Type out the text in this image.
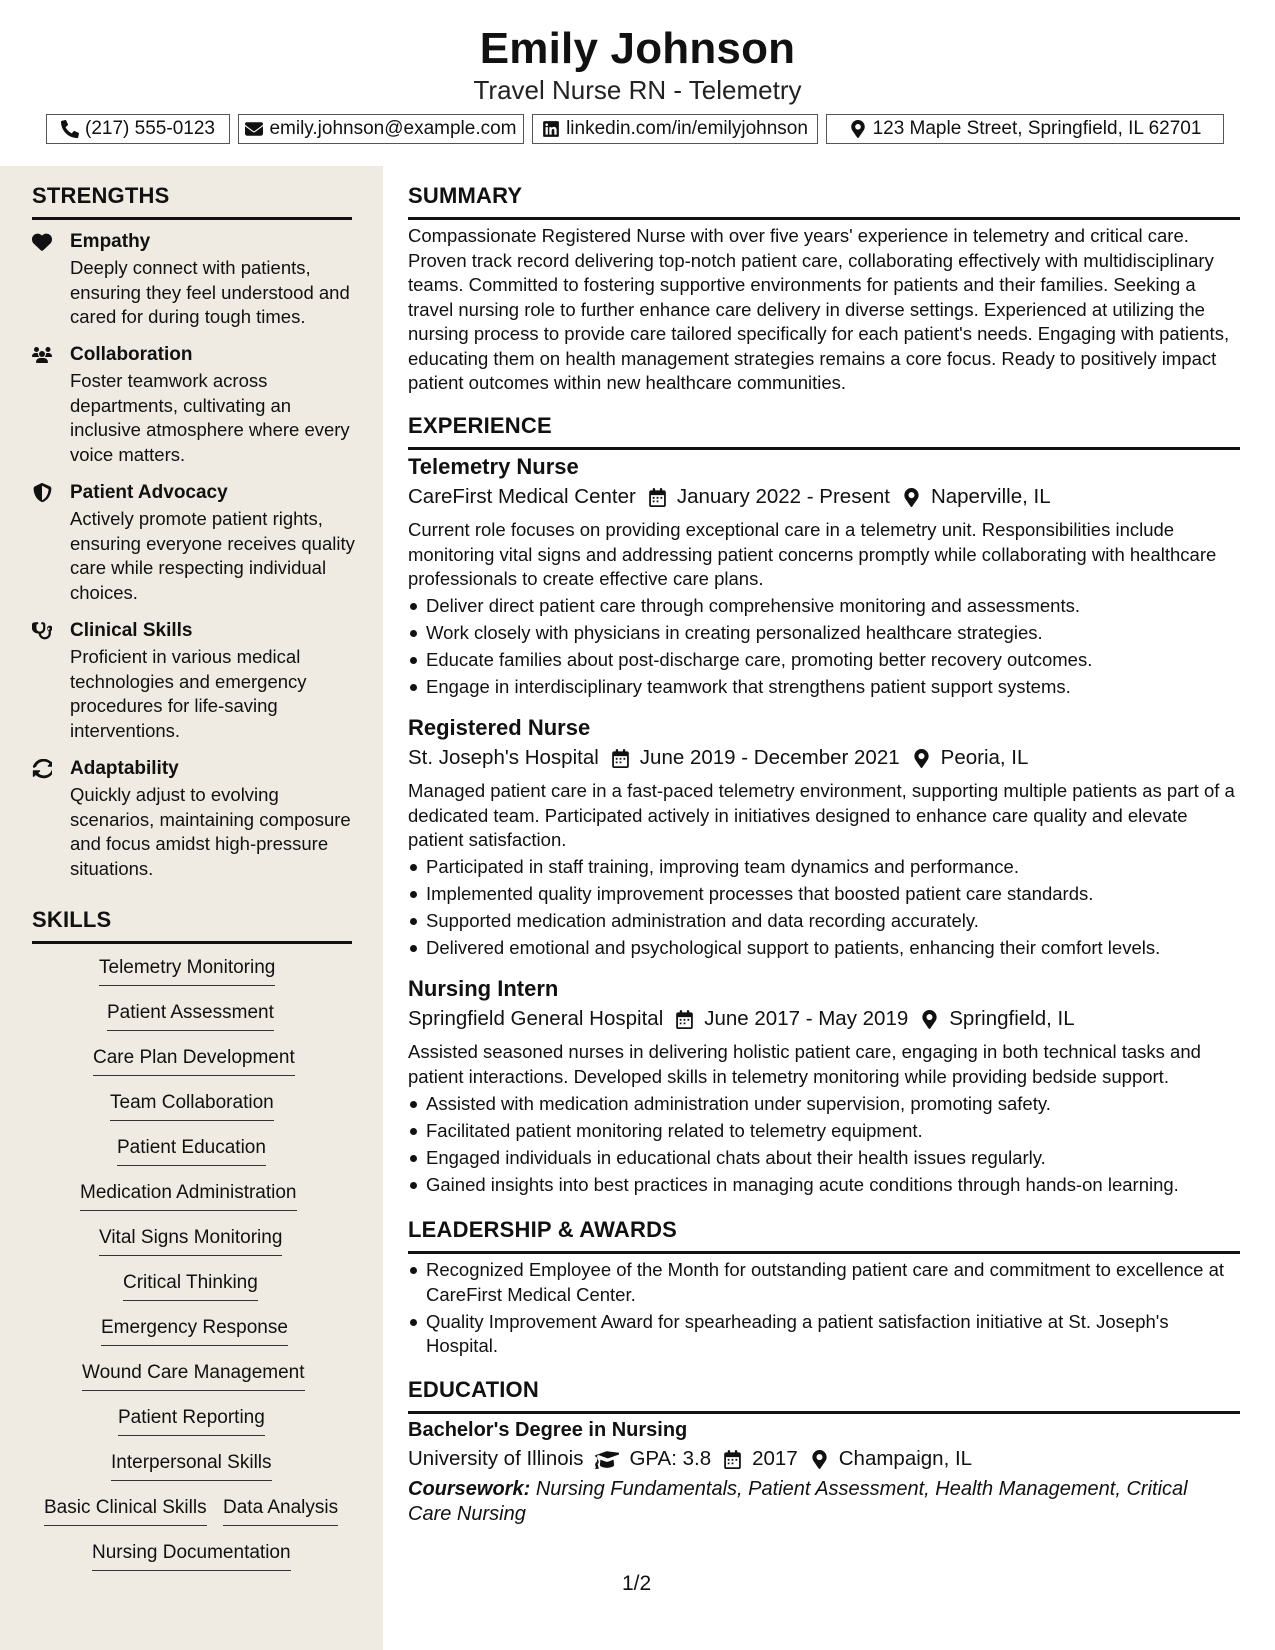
Emily Johnson
Travel Nurse RN - Telemetry
(217) 555-0123	emily.johnson@example.com	linkedin.com/in/emilyjohnson	123 Maple Street, Springfield, IL 62701
STRENGTHS
Empathy
Deeply connect with patients, ensuring they feel understood and cared for during tough times.
Collaboration
Foster teamwork across departments, cultivating an inclusive atmosphere where every voice matters.
Patient Advocacy
Actively promote patient rights, ensuring everyone receives quality care while respecting individual choices.
Clinical Skills
Proficient in various medical technologies and emergency procedures for life-saving interventions.
Adaptability
Quickly adjust to evolving scenarios, maintaining composure and focus amidst high-pressure situations.
SKILLS
Telemetry Monitoring
Patient Assessment
Care Plan Development
Team Collaboration
Patient Education
Medication Administration
Vital Signs Monitoring
Critical Thinking
Emergency Response
Wound Care Management
Patient Reporting
Interpersonal Skills
Basic Clinical Skills Data Analysis
Nursing Documentation
SUMMARY
Compassionate Registered Nurse with over five years' experience in telemetry and critical care. Proven track record delivering top-notch patient care, collaborating effectively with multidisciplinary teams. Committed to fostering supportive environments for patients and their families. Seeking a travel nursing role to further enhance care delivery in diverse settings. Experienced at utilizing the nursing process to provide care tailored specifically for each patient's needs. Engaging with patients, educating them on health management strategies remains a core focus. Ready to positively impact patient outcomes within new healthcare communities.
EXPERIENCE
Telemetry Nurse
CareFirst Medical Center January 2022 - Present Naperville, IL
Current role focuses on providing exceptional care in a telemetry unit. Responsibilities include monitoring vital signs and addressing patient concerns promptly while collaborating with healthcare professionals to create effective care plans.
Deliver direct patient care through comprehensive monitoring and assessments.
Work closely with physicians in creating personalized healthcare strategies.
Educate families about post-discharge care, promoting better recovery outcomes.
Engage in interdisciplinary teamwork that strengthens patient support systems.
Registered Nurse
St. Joseph's Hospital June 2019 - December 2021 Peoria, IL
Managed patient care in a fast-paced telemetry environment, supporting multiple patients as part of a dedicated team. Participated actively in initiatives designed to enhance care quality and elevate patient satisfaction.
Participated in staff training, improving team dynamics and performance.
Implemented quality improvement processes that boosted patient care standards.
Supported medication administration and data recording accurately.
Delivered emotional and psychological support to patients, enhancing their comfort levels.
Nursing Intern
Springfield General Hospital June 2017 - May 2019 Springfield, IL
Assisted seasoned nurses in delivering holistic patient care, engaging in both technical tasks and patient interactions. Developed skills in telemetry monitoring while providing bedside support.
Assisted with medication administration under supervision, promoting safety.
Facilitated patient monitoring related to telemetry equipment.
Engaged individuals in educational chats about their health issues regularly.
Gained insights into best practices in managing acute conditions through hands-on learning.
LEADERSHIP & AWARDS
Recognized Employee of the Month for outstanding patient care and commitment to excellence at CareFirst Medical Center.
Quality Improvement Award for spearheading a patient satisfaction initiative at St. Joseph's Hospital.
EDUCATION
Bachelor's Degree in Nursing
University of Illinois GPA: 3.8 2017 Champaign, IL
Coursework: Nursing Fundamentals, Patient Assessment, Health Management, Critical Care Nursing
1/2
